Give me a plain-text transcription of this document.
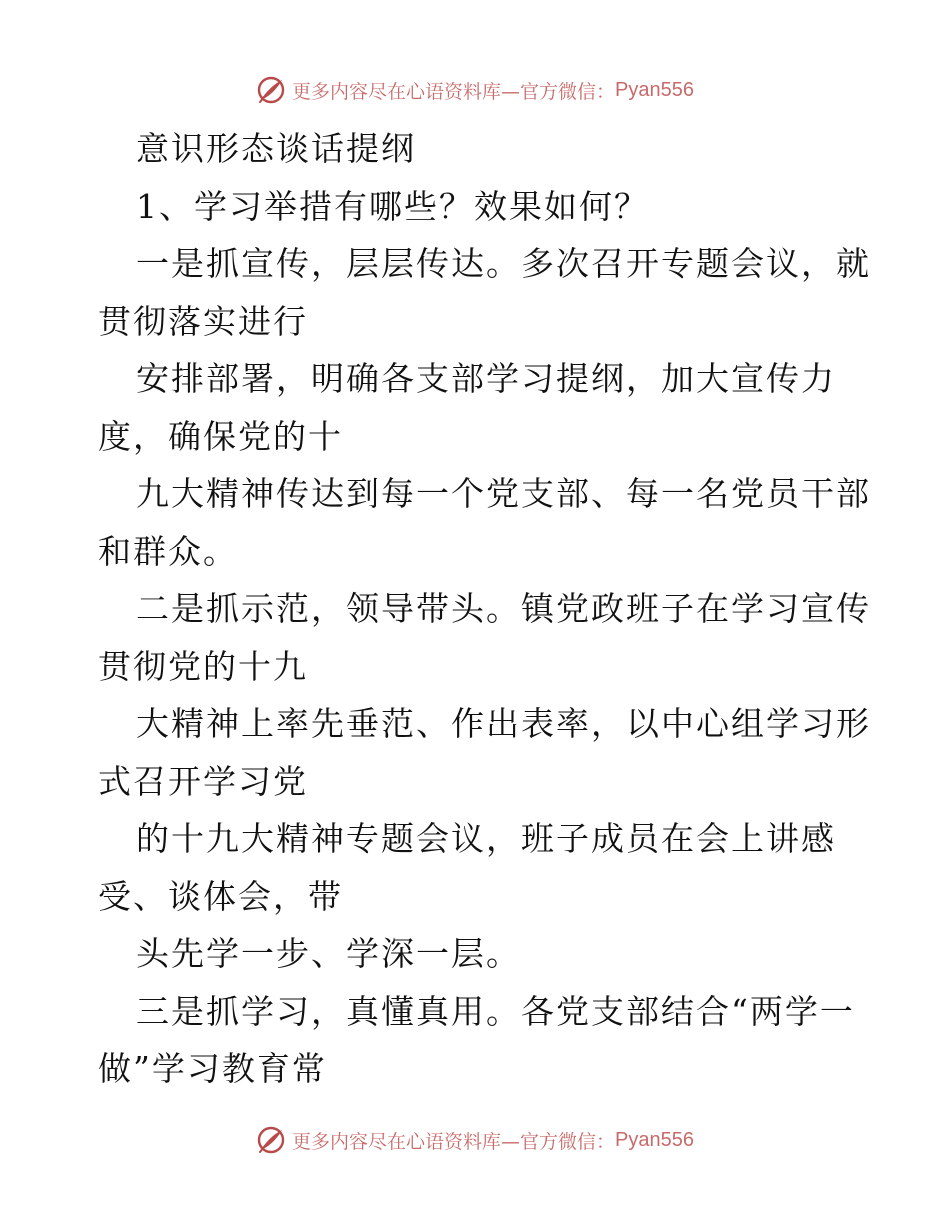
更多内容尽在心语资料库—官方微信： Pyan556
意识形态谈话提纲
1、学习举措有哪些？效果如何？
一是抓宣传，层层传达。多次召开专题会议，就
贯彻落实进行
安排部署，明确各支部学习提纲，加大宣传力
度，确保党的十
九大精神传达到每一个党支部、每一名党员干部
和群众。
二是抓示范，领导带头。镇党政班子在学习宣传
贯彻党的十九
大精神上率先垂范、作出表率，以中心组学习形
式召开学习党
的十九大精神专题会议，班子成员在会上讲感
受、谈体会，带
头先学一步、学深一层。
三是抓学习，真懂真用。各党支部结合“两学一
做”学习教育常
更多内容尽在心语资料库—官方微信： Pyan556
